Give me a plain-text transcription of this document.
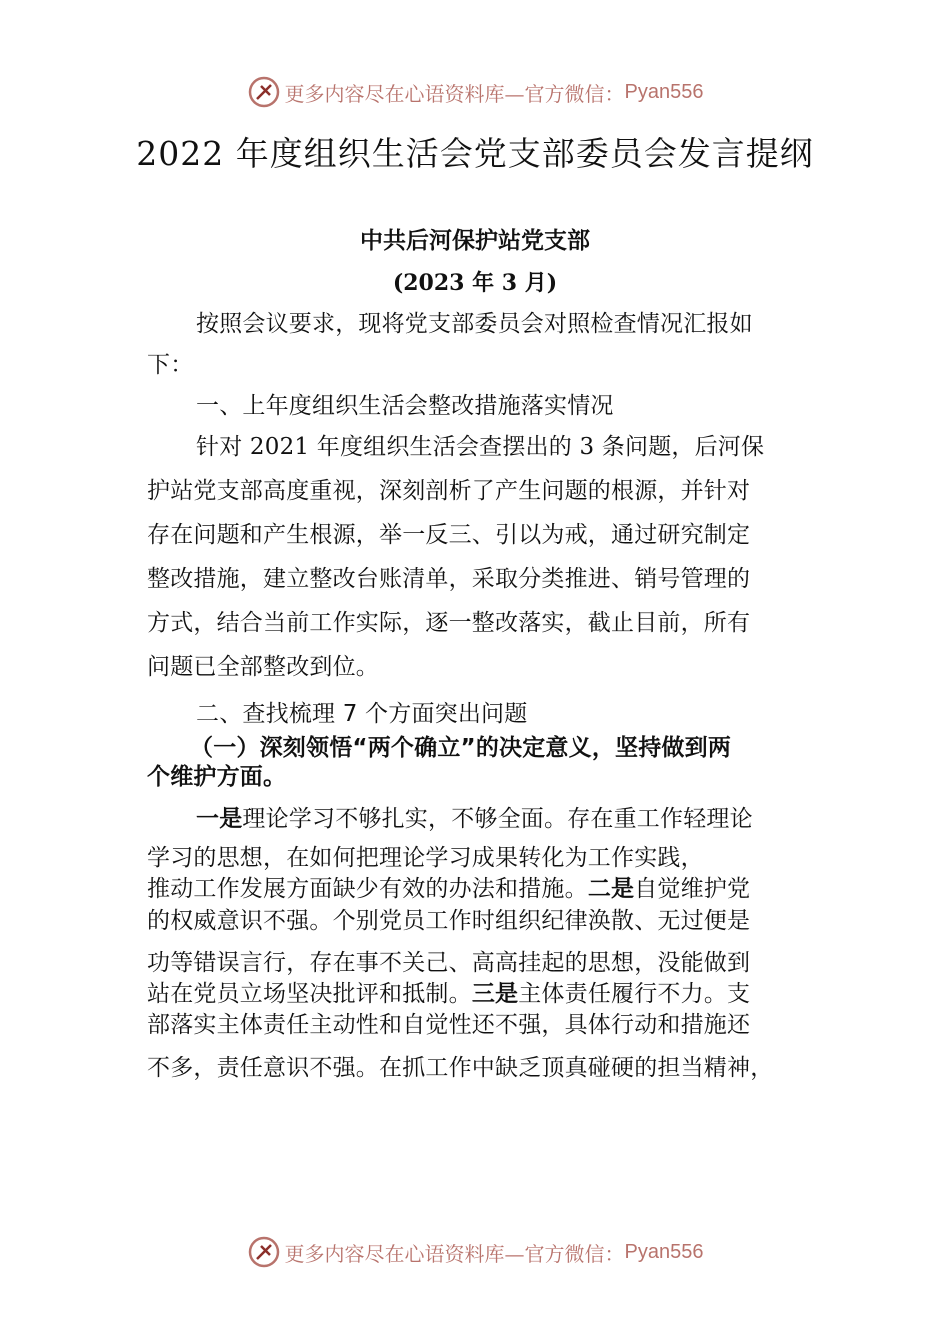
更多内容尽在心语资料库—官方微信： Pyan556
2022 年度组织生活会党支部委员会发言提纲
中共后河保护站党支部
(2023 年 3 月)
按照会议要求，现将党支部委员会对照检查情况汇报如
下：
一、上年度组织生活会整改措施落实情况
针对 2021 年度组织生活会查摆出的 3 条问题，后河保
护站党支部高度重视，深刻剖析了产生问题的根源，并针对
存在问题和产生根源，举一反三、引以为戒，通过研究制定
整改措施，建立整改台账清单，采取分类推进、销号管理的
方式，结合当前工作实际，逐一整改落实，截止目前，所有
问题已全部整改到位。
二、查找梳理 7 个方面突出问题
（一）深刻领悟“两个确立”的决定意义，坚持做到两
个维护方面。
一是理论学习不够扎实，不够全面。存在重工作轻理论
学习的思想，在如何把理论学习成果转化为工作实践，
推动工作发展方面缺少有效的办法和措施。二是自觉维护党
的权威意识不强。个别党员工作时组织纪律涣散、无过便是
功等错误言行，存在事不关己、高高挂起的思想，没能做到
站在党员立场坚决批评和抵制。三是主体责任履行不力。支
部落实主体责任主动性和自觉性还不强，具体行动和措施还
不多，责任意识不强。在抓工作中缺乏顶真碰硬的担当精神，
更多内容尽在心语资料库—官方微信： Pyan556
